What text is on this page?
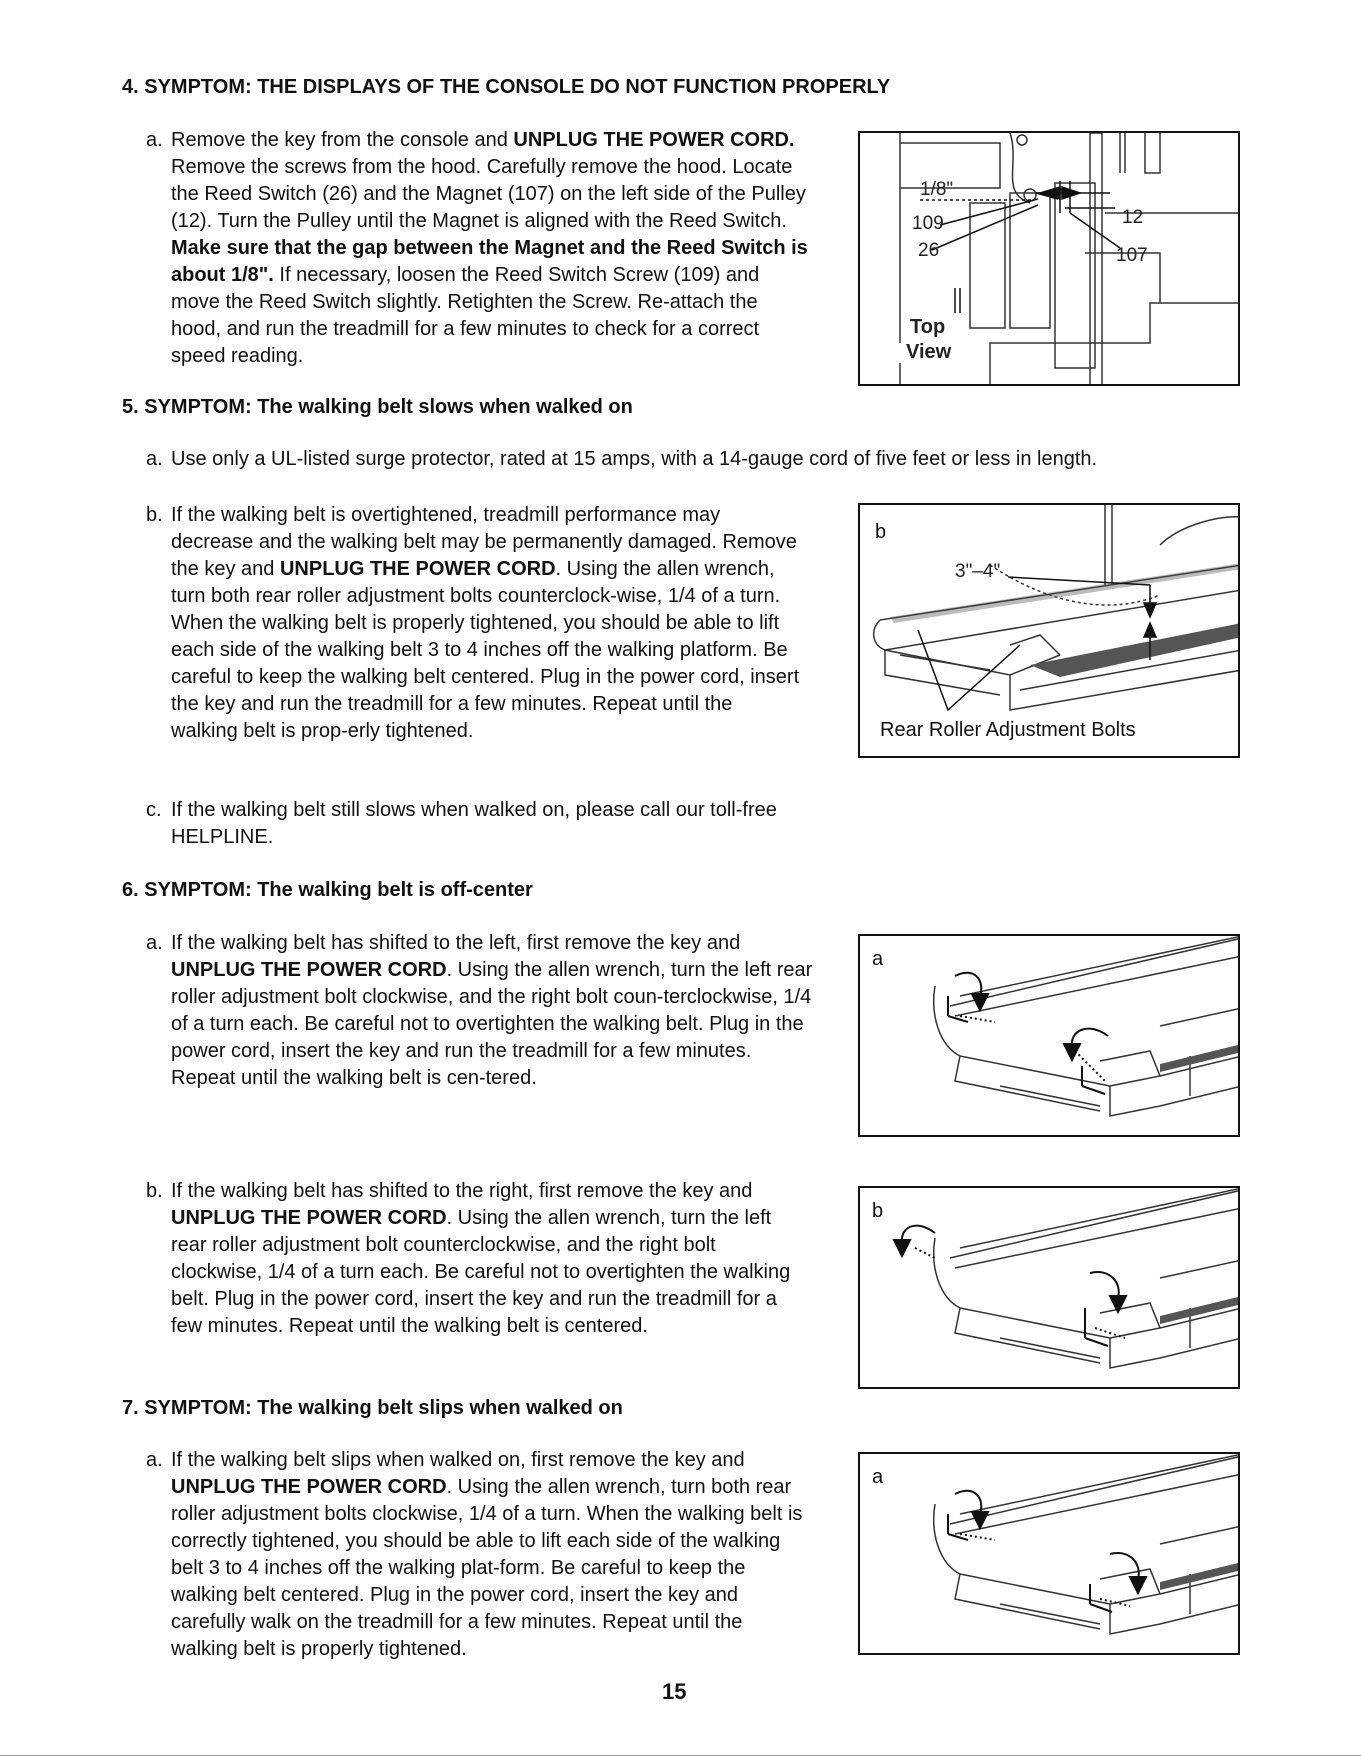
4. SYMPTOM: THE DISPLAYS OF THE CONSOLE DO NOT FUNCTION PROPERLY
a. Remove the key from the console and UNPLUG THE POWER CORD. Remove the screws from the hood. Carefully remove the hood. Locate the Reed Switch (26) and the Magnet (107) on the left side of the Pulley (12). Turn the Pulley until the Magnet is aligned with the Reed Switch. Make sure that the gap between the Magnet and the Reed Switch is about 1/8". If necessary, loosen the Reed Switch Screw (109) and move the Reed Switch slightly. Retighten the Screw. Re-attach the hood, and run the treadmill for a few minutes to check for a correct speed reading.
1/8"
109
26
12
107
Top
View
5. SYMPTOM: The walking belt slows when walked on
a. Use only a UL-listed surge protector, rated at 15 amps, with a 14-gauge cord of five feet or less in length.
b. If the walking belt is overtightened, treadmill performance may decrease and the walking belt may be permanently damaged. Remove the key and UNPLUG THE POWER CORD. Using the allen wrench, turn both rear roller adjustment bolts counterclock-wise, 1/4 of a turn. When the walking belt is properly tightened, you should be able to lift each side of the walking belt 3 to 4 inches off the walking platform. Be careful to keep the walking belt centered. Plug in the power cord, insert the key and run the treadmill for a few minutes. Repeat until the walking belt is prop-erly tightened.
c. If the walking belt still slows when walked on, please call our toll-free HELPLINE.
b
3"–4"
Rear Roller Adjustment Bolts
6. SYMPTOM: The walking belt is off-center
a. If the walking belt has shifted to the left, first remove the key and UNPLUG THE POWER CORD. Using the allen wrench, turn the left rear roller adjustment bolt clockwise, and the right bolt coun-terclockwise, 1/4 of a turn each. Be careful not to overtighten the walking belt. Plug in the power cord, insert the key and run the treadmill for a few minutes. Repeat until the walking belt is cen-tered.
b. If the walking belt has shifted to the right, first remove the key and UNPLUG THE POWER CORD. Using the allen wrench, turn the left rear roller adjustment bolt counterclockwise, and the right bolt clockwise, 1/4 of a turn each. Be careful not to overtighten the walking belt. Plug in the power cord, insert the key and run the treadmill for a few minutes. Repeat until the walking belt is centered.
a
b
7. SYMPTOM: The walking belt slips when walked on
a. If the walking belt slips when walked on, first remove the key and UNPLUG THE POWER CORD. Using the allen wrench, turn both rear roller adjustment bolts clockwise, 1/4 of a turn. When the walking belt is correctly tightened, you should be able to lift each side of the walking belt 3 to 4 inches off the walking plat-form. Be careful to keep the walking belt centered. Plug in the power cord, insert the key and carefully walk on the treadmill for a few minutes. Repeat until the walking belt is properly tightened.
a
15
